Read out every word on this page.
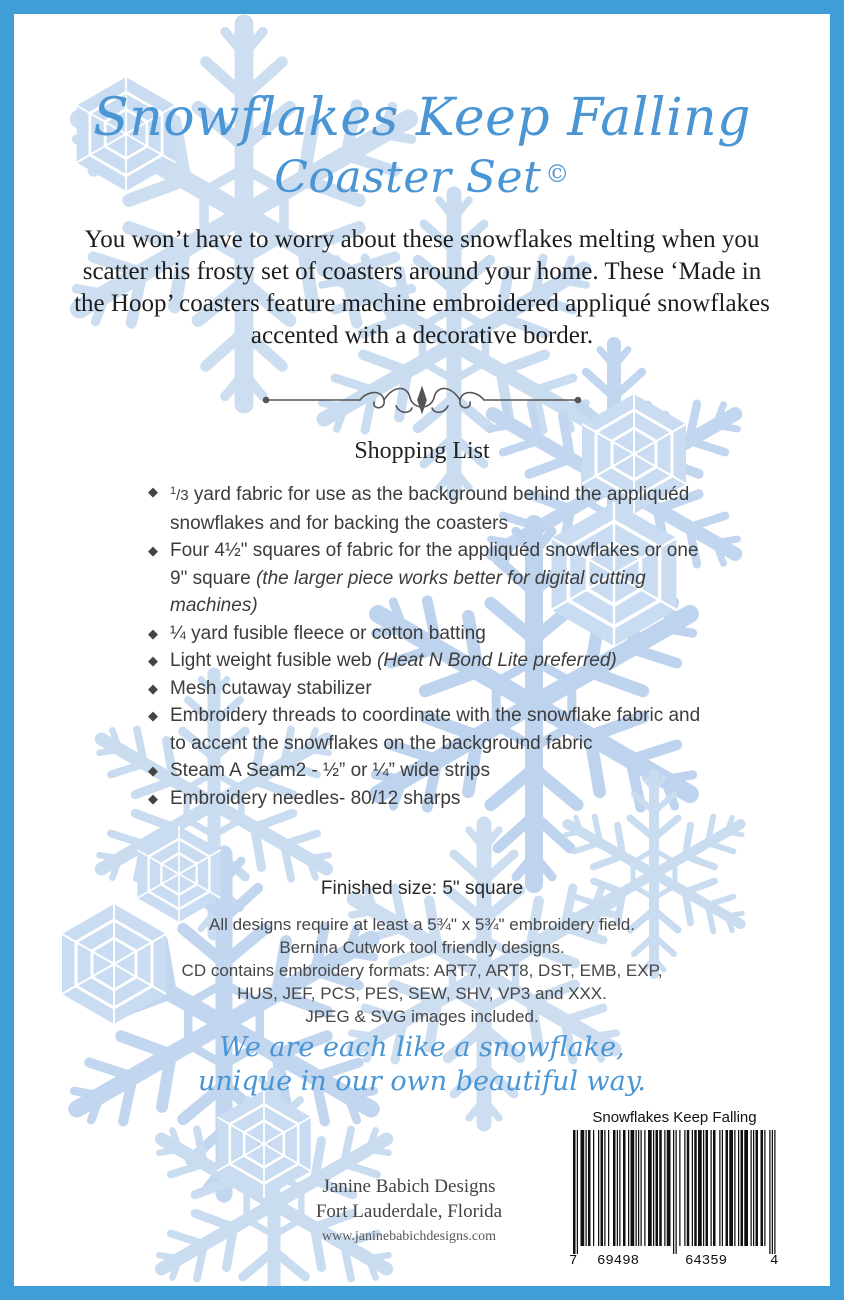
Snowflakes Keep Falling
Coaster Set ©
You won’t have to worry about these snowflakes melting when you scatter this frosty set of coasters around your home. These ‘Made in the Hoop’ coasters feature machine embroidered appliqué snowflakes accented with a decorative border.
Shopping List
◆ $^1$/3 yard fabric for use as the background behind the appliquéd snowflakes and for backing the coasters
◆ Four 4½" squares of fabric for the appliquéd snowflakes or one 9" square (the larger piece works better for digital cutting machines)
◆ ¼ yard fusible fleece or cotton batting
◆ Light weight fusible web (Heat N Bond Lite preferred)
◆ Mesh cutaway stabilizer
◆ Embroidery threads to coordinate with the snowflake fabric and to accent the snowflakes on the background fabric
◆ Steam A Seam2 - ½” or ¼” wide strips
◆ Embroidery needles- 80/12 sharps
Finished size: 5" square
All designs require at least a 5¾" x 5¾" embroidery field.
Bernina Cutwork tool friendly designs.
CD contains embroidery formats: ART7, ART8, DST, EMB, EXP,
HUS, JEF, PCS, PES, SEW, SHV, VP3 and XXX.
JPEG & SVG images included.
We are each like a snowflake,
unique in our own beautiful way.
Janine Babich Designs
Fort Lauderdale, Florida
www.janinebabichdesigns.com
Snowflakes Keep Falling
7 69498	64359	4
